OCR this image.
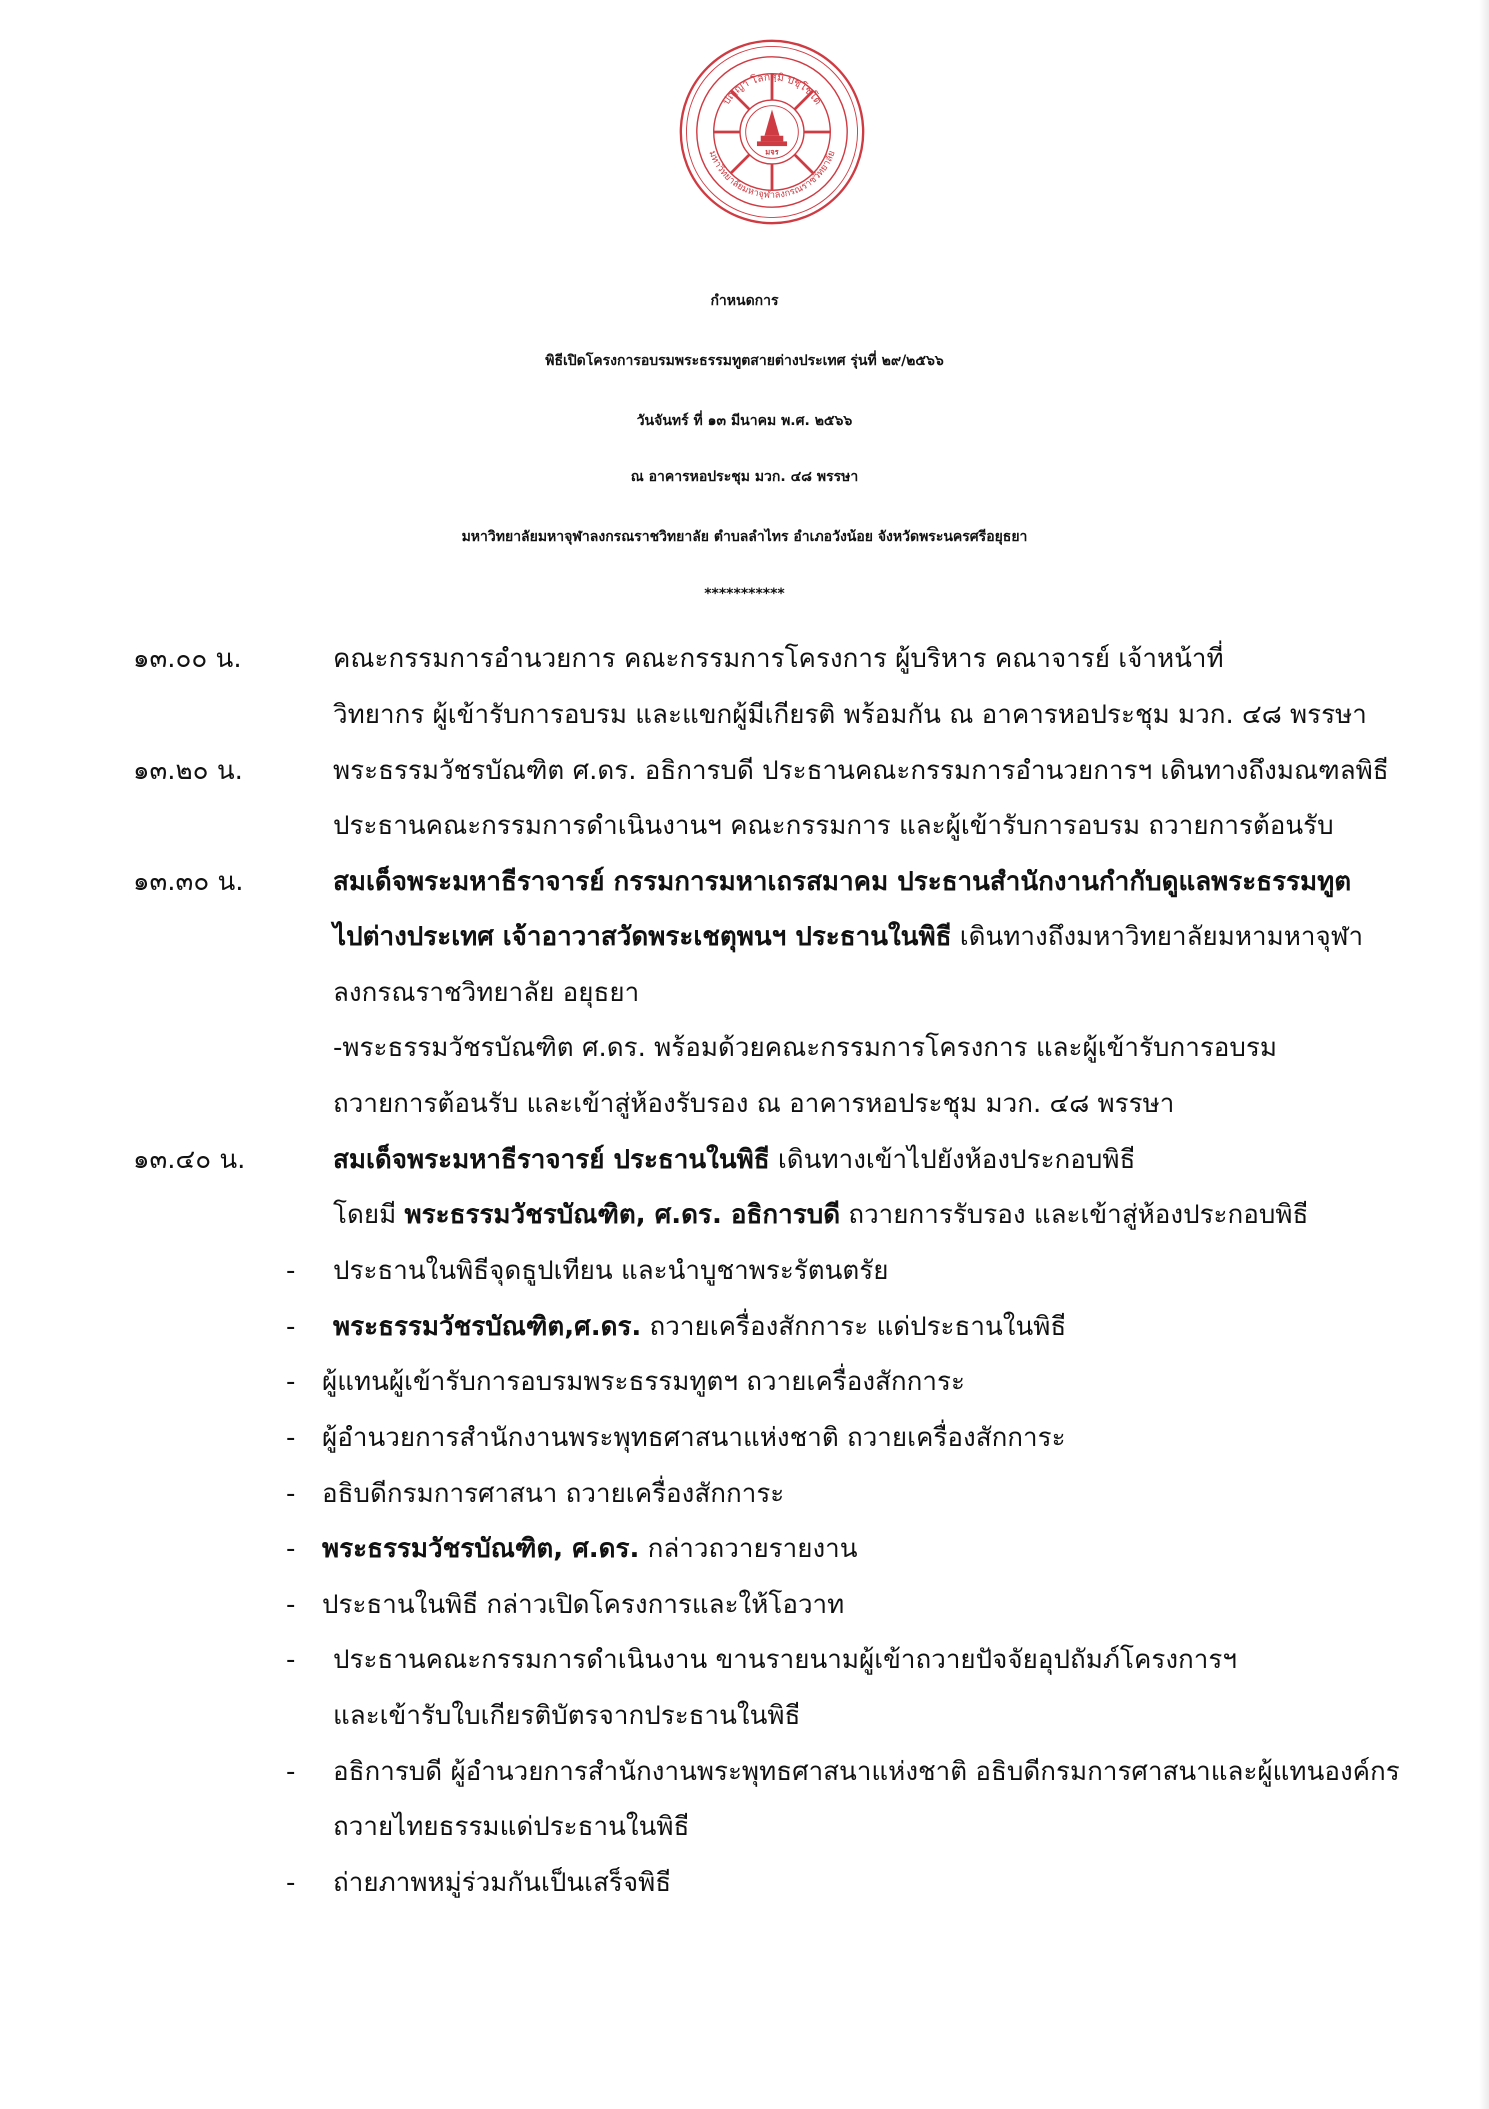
มจร
ปญฺญา โลกสฺมิ ปชฺโชโต
มหาวิทยาลัยมหาจุฬาลงกรณราชวิทยาลัย
กำหนดการ
พิธีเปิดโครงการอบรมพระธรรมทูตสายต่างประเทศ รุ่นที่ ๒๙/๒๕๖๖
วันจันทร์ ที่ ๑๓ มีนาคม พ.ศ. ๒๕๖๖
ณ อาคารหอประชุม มวก. ๔๘ พรรษา
มหาวิทยาลัยมหาจุฬาลงกรณราชวิทยาลัย ตำบลลำไทร อำเภอวังน้อย จังหวัดพระนครศรีอยุธยา
***********
๑๓.๐๐ น.	คณะกรรมการอำนวยการ คณะกรรมการโครงการ ผู้บริหาร คณาจารย์ เจ้าหน้าที่
วิทยากร ผู้เข้ารับการอบรม และแขกผู้มีเกียรติ พร้อมกัน ณ อาคารหอประชุม มวก. ๔๘ พรรษา
๑๓.๒๐ น.	พระธรรมวัชรบัณฑิต ศ.ดร. อธิการบดี ประธานคณะกรรมการอำนวยการฯ เดินทางถึงมณฑลพิธี
ประธานคณะกรรมการดำเนินงานฯ คณะกรรมการ และผู้เข้ารับการอบรม ถวายการต้อนรับ
๑๓.๓๐ น.	สมเด็จพระมหาธีราจารย์ กรรมการมหาเถรสมาคม ประธานสำนักงานกำกับดูแลพระธรรมทูต
ไปต่างประเทศ เจ้าอาวาสวัดพระเชตุพนฯ ประธานในพิธี เดินทางถึงมหาวิทยาลัยมหามหาจุฬา
ลงกรณราชวิทยาลัย อยุธยา
-พระธรรมวัชรบัณฑิต ศ.ดร. พร้อมด้วยคณะกรรมการโครงการ และผู้เข้ารับการอบรม
ถวายการต้อนรับ และเข้าสู่ห้องรับรอง ณ อาคารหอประชุม มวก. ๔๘ พรรษา
๑๓.๔๐ น.	สมเด็จพระมหาธีราจารย์ ประธานในพิธี เดินทางเข้าไปยังห้องประกอบพิธี
โดยมี พระธรรมวัชรบัณฑิต, ศ.ดร. อธิการบดี ถวายการรับรอง และเข้าสู่ห้องประกอบพิธี
- ประธานในพิธีจุดธูปเทียน และนำบูชาพระรัตนตรัย
- พระธรรมวัชรบัณฑิต,ศ.ดร. ถวายเครื่องสักการะ แด่ประธานในพิธี
- ผู้แทนผู้เข้ารับการอบรมพระธรรมทูตฯ ถวายเครื่องสักการะ
- ผู้อำนวยการสำนักงานพระพุทธศาสนาแห่งชาติ ถวายเครื่องสักการะ
- อธิบดีกรมการศาสนา ถวายเครื่องสักการะ
- พระธรรมวัชรบัณฑิต, ศ.ดร. กล่าวถวายรายงาน
- ประธานในพิธี กล่าวเปิดโครงการและให้โอวาท
- ประธานคณะกรรมการดำเนินงาน ขานรายนามผู้เข้าถวายปัจจัยอุปถัมภ์โครงการฯ
และเข้ารับใบเกียรติบัตรจากประธานในพิธี
- อธิการบดี ผู้อำนวยการสำนักงานพระพุทธศาสนาแห่งชาติ อธิบดีกรมการศาสนาและผู้แทนองค์กร
ถวายไทยธรรมแด่ประธานในพิธี
- ถ่ายภาพหมู่ร่วมกันเป็นเสร็จพิธี
